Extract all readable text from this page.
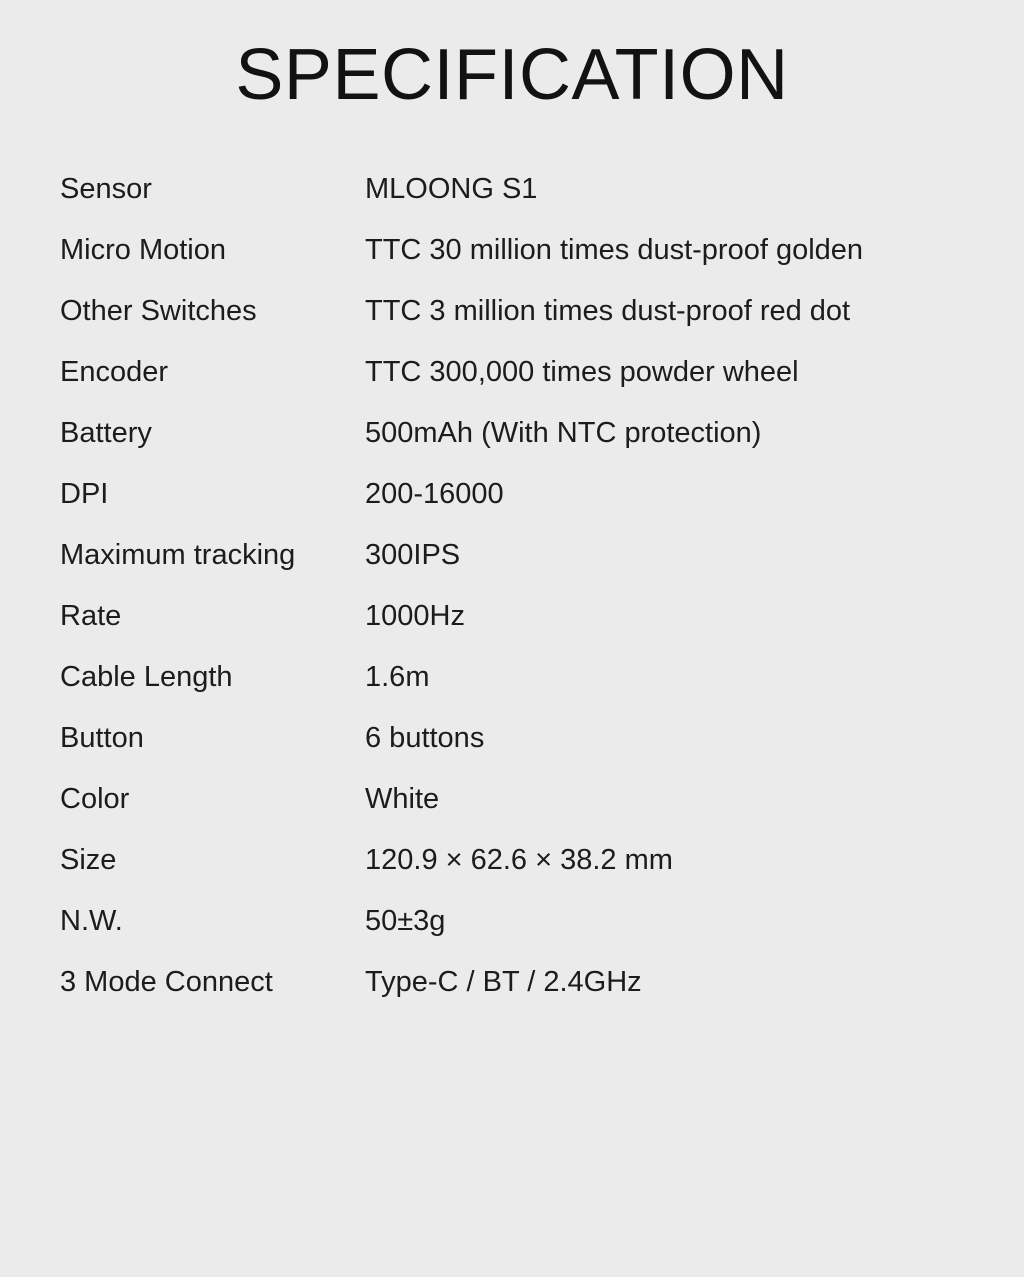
SPECIFICATION
Sensor	MLOONG S1
Micro Motion	TTC 30 million times dust-proof golden
Other Switches	TTC 3 million times dust-proof red dot
Encoder	TTC 300,000 times powder wheel
Battery	500mAh (With NTC protection)
DPI	200-16000
Maximum tracking	300IPS
Rate	1000Hz
Cable Length	1.6m
Button	6 buttons
Color	White
Size	120.9 × 62.6 × 38.2 mm
N.W.	50±3g
3 Mode Connect	Type-C / BT / 2.4GHz
